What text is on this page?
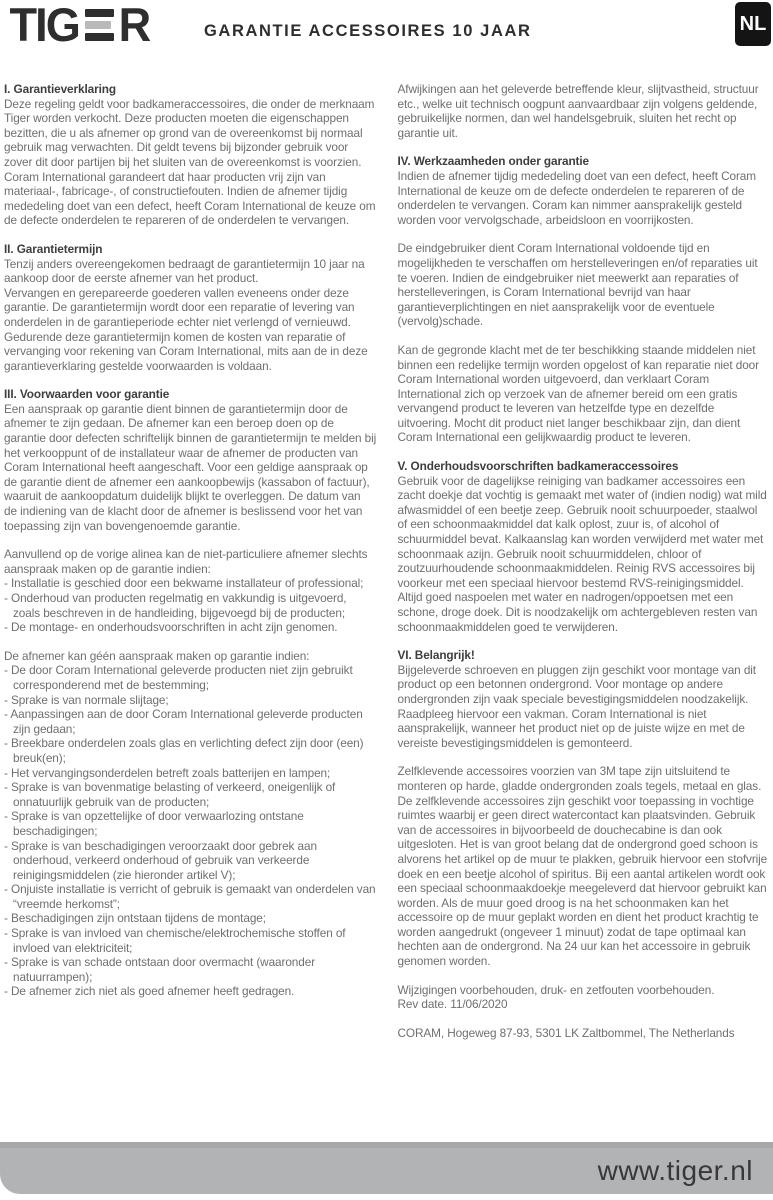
TIG R	GARANTIE ACCESSOIRES 10 JAAR	NL

I. Garantieverklaring

Deze regeling geldt voor badkameraccessoires, die onder de merknaam Tiger worden verkocht. Deze producten moeten die eigenschappen bezitten, die u als afnemer op grond van de overeenkomst bij normaal gebruik mag verwachten. Dit geldt tevens bij bijzonder gebruik voor zover dit door partijen bij het sluiten van de overeenkomst is voorzien. Coram International garandeert dat haar producten vrij zijn van materiaal-, fabricage-, of constructiefouten. Indien de afnemer tijdig mededeling doet van een defect, heeft Coram International de keuze om de defecte onderdelen te repareren of de onderdelen te vervangen.

II. Garantietermijn

Tenzij anders overeengekomen bedraagt de garantietermijn 10 jaar na aankoop door de eerste afnemer van het product.

Vervangen en gerepareerde goederen vallen eveneens onder deze garantie. De garantietermijn wordt door een reparatie of levering van onderdelen in de garantieperiode echter niet verlengd of vernieuwd.

Gedurende deze garantietermijn komen de kosten van reparatie of vervanging voor rekening van Coram International, mits aan de in deze garantieverklaring gestelde voorwaarden is voldaan.

III. Voorwaarden voor garantie

Een aanspraak op garantie dient binnen de garantietermijn door de afnemer te zijn gedaan. De afnemer kan een beroep doen op de garantie door defecten schriftelijk binnen de garantietermijn te melden bij het verkooppunt of de installateur waar de afnemer de producten van Coram International heeft aangeschaft. Voor een geldige aanspraak op de garantie dient de afnemer een aankoopbewijs (kassabon of factuur), waaruit de aankoopdatum duidelijk blijkt te overleggen. De datum van de indiening van de klacht door de afnemer is beslissend voor het van toepassing zijn van bovengenoemde garantie.

Aanvullend op de vorige alinea kan de niet-particuliere afnemer slechts aanspraak maken op de garantie indien:

- Installatie is geschied door een bekwame installateur of professional;

- Onderhoud van producten regelmatig en vakkundig is uitgevoerd, zoals beschreven in de handleiding, bijgevoegd bij de producten;

- De montage- en onderhoudsvoorschriften in acht zijn genomen.

De afnemer kan géén aanspraak maken op garantie indien:

- De door Coram International geleverde producten niet zijn gebruikt corresponderend met de bestemming;

- Sprake is van normale slijtage;

- Aanpassingen aan de door Coram International geleverde producten zijn gedaan;

- Breekbare onderdelen zoals glas en verlichting defect zijn door (een) breuk(en);

- Het vervangingsonderdelen betreft zoals batterijen en lampen;

- Sprake is van bovenmatige belasting of verkeerd, oneigenlijk of onnatuurlijk gebruik van de producten;

- Sprake is van opzettelijke of door verwaarlozing ontstane beschadigingen;

- Sprake is van beschadigingen veroorzaakt door gebrek aan onderhoud, verkeerd onderhoud of gebruik van verkeerde reinigingsmiddelen (zie hieronder artikel V);

- Onjuiste installatie is verricht of gebruik is gemaakt van onderdelen van “vreemde herkomst”;

- Beschadigingen zijn ontstaan tijdens de montage;

- Sprake is van invloed van chemische/elektrochemische stoffen of invloed van elektriciteit;

- Sprake is van schade ontstaan door overmacht (waaronder natuurrampen);

- De afnemer zich niet als goed afnemer heeft gedragen.

Afwijkingen aan het geleverde betreffende kleur, slijtvastheid, structuur etc., welke uit technisch oogpunt aanvaardbaar zijn volgens geldende, gebruikelijke normen, dan wel handelsgebruik, sluiten het recht op garantie uit.

IV. Werkzaamheden onder garantie

Indien de afnemer tijdig mededeling doet van een defect, heeft Coram International de keuze om de defecte onderdelen te repareren of de onderdelen te vervangen. Coram kan nimmer aansprakelijk gesteld worden voor vervolgschade, arbeidsloon en voorrijkosten.

De eindgebruiker dient Coram International voldoende tijd en mogelijkheden te verschaffen om herstelleveringen en/of reparaties uit te voeren. Indien de eindgebruiker niet meewerkt aan reparaties of herstelleveringen, is Coram International bevrijd van haar garantieverplichtingen en niet aansprakelijk voor de eventuele (vervolg)schade.

Kan de gegronde klacht met de ter beschikking staande middelen niet binnen een redelijke termijn worden opgelost of kan reparatie niet door Coram International worden uitgevoerd, dan verklaart Coram International zich op verzoek van de afnemer bereid om een gratis vervangend product te leveren van hetzelfde type en dezelfde uitvoering. Mocht dit product niet langer beschikbaar zijn, dan dient Coram International een gelijkwaardig product te leveren.

V. Onderhoudsvoorschriften badkameraccessoires

Gebruik voor de dagelijkse reiniging van badkamer accessoires een zacht doekje dat vochtig is gemaakt met water of (indien nodig) wat mild afwasmiddel of een beetje zeep. Gebruik nooit schuurpoeder, staalwol of een schoonmaakmiddel dat kalk oplost, zuur is, of alcohol of schuurmiddel bevat. Kalkaanslag kan worden verwijderd met water met schoonmaak azijn. Gebruik nooit schuurmiddelen, chloor of zoutzuurhoudende schoonmaakmiddelen. Reinig RVS accessoires bij voorkeur met een speciaal hiervoor bestemd RVS-reinigingsmiddel. Altijd goed naspoelen met water en nadrogen/oppoetsen met een schone, droge doek. Dit is noodzakelijk om achtergebleven resten van schoonmaakmiddelen goed te verwijderen.

VI. Belangrijk!

Bijgeleverde schroeven en pluggen zijn geschikt voor montage van dit product op een betonnen ondergrond. Voor montage op andere ondergronden zijn vaak speciale bevestigingsmiddelen noodzakelijk. Raadpleeg hiervoor een vakman. Coram International is niet aansprakelijk, wanneer het product niet op de juiste wijze en met de vereiste bevestigingsmiddelen is gemonteerd.

Zelfklevende accessoires voorzien van 3M tape zijn uitsluitend te monteren op harde, gladde ondergronden zoals tegels, metaal en glas. De zelfklevende accessoires zijn geschikt voor toepassing in vochtige ruimtes waarbij er geen direct watercontact kan plaatsvinden. Gebruik van de accessoires in bijvoorbeeld de douchecabine is dan ook uitgesloten. Het is van groot belang dat de ondergrond goed schoon is alvorens het artikel op de muur te plakken, gebruik hiervoor een stofvrije doek en een beetje alcohol of spiritus. Bij een aantal artikelen wordt ook een speciaal schoonmaakdoekje meegeleverd dat hiervoor gebruikt kan worden. Als de muur goed droog is na het schoonmaken kan het accessoire op de muur geplakt worden en dient het product krachtig te worden aangedrukt (ongeveer 1 minuut) zodat de tape optimaal kan hechten aan de ondergrond. Na 24 uur kan het accessoire in gebruik genomen worden.

Wijzigingen voorbehouden, druk- en zetfouten voorbehouden.

Rev date. 11/06/2020

CORAM, Hogeweg 87-93, 5301 LK Zaltbommel, The Netherlands

www.tiger.nl
